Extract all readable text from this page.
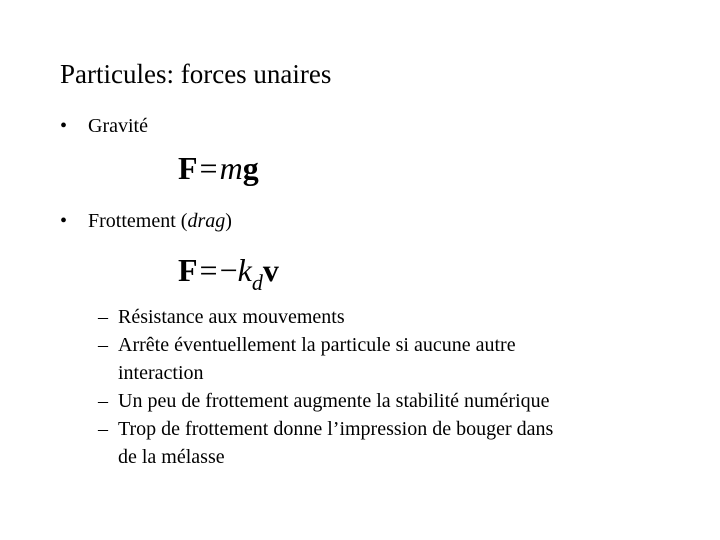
Particules: forces unaires
• Gravité
F=mg
• Frottement (drag)
$F=-k_dv$
– Résistance aux mouvements
– Arrête éventuellement la particule si aucune autre
interaction
– Un peu de frottement augmente la stabilité numérique
– Trop de frottement donne l’impression de bouger dans
de la mélasse
